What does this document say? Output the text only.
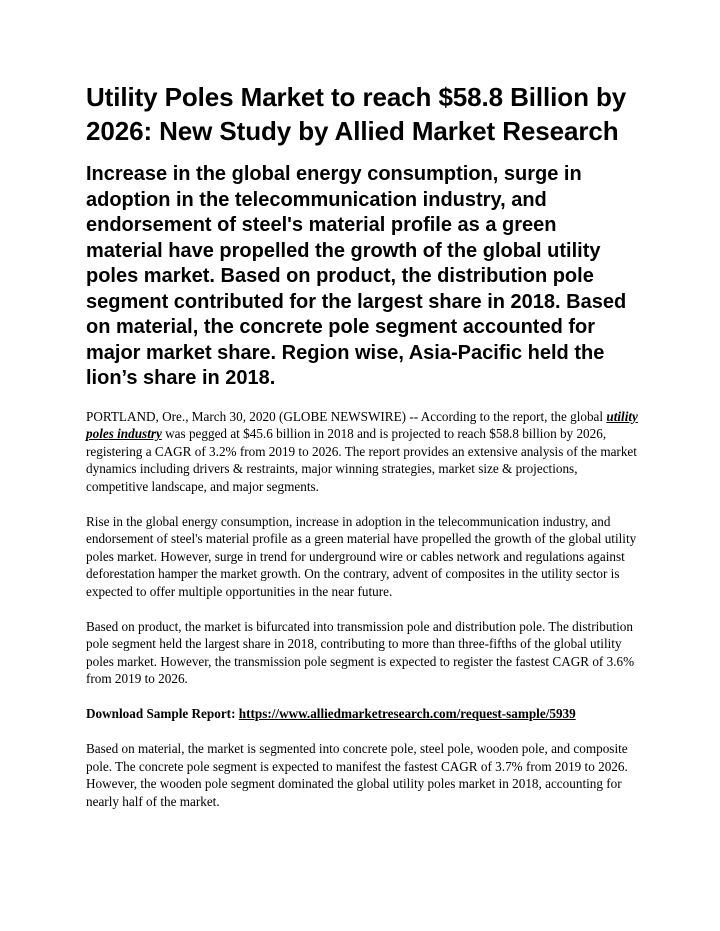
Utility Poles Market to reach $58.8 Billion by 2026: New Study by Allied Market Research
Increase in the global energy consumption, surge in adoption in the telecommunication industry, and endorsement of steel's material profile as a green material have propelled the growth of the global utility poles market. Based on product, the distribution pole segment contributed for the largest share in 2018. Based on material, the concrete pole segment accounted for major market share. Region wise, Asia-Pacific held the lion’s share in 2018.

PORTLAND, Ore., March 30, 2020 (GLOBE NEWSWIRE) -- According to the report, the global utility poles industry was pegged at $45.6 billion in 2018 and is projected to reach $58.8 billion by 2026, registering a CAGR of 3.2% from 2019 to 2026. The report provides an extensive analysis of the market dynamics including drivers & restraints, major winning strategies, market size & projections, competitive landscape, and major segments.

Rise in the global energy consumption, increase in adoption in the telecommunication industry, and endorsement of steel's material profile as a green material have propelled the growth of the global utility poles market. However, surge in trend for underground wire or cables network and regulations against deforestation hamper the market growth. On the contrary, advent of composites in the utility sector is expected to offer multiple opportunities in the near future.

Based on product, the market is bifurcated into transmission pole and distribution pole. The distribution pole segment held the largest share in 2018, contributing to more than three-fifths of the global utility poles market. However, the transmission pole segment is expected to register the fastest CAGR of 3.6% from 2019 to 2026.

Download Sample Report: https://www.alliedmarketresearch.com/request-sample/5939

Based on material, the market is segmented into concrete pole, steel pole, wooden pole, and composite pole. The concrete pole segment is expected to manifest the fastest CAGR of 3.7% from 2019 to 2026. However, the wooden pole segment dominated the global utility poles market in 2018, accounting for nearly half of the market.
